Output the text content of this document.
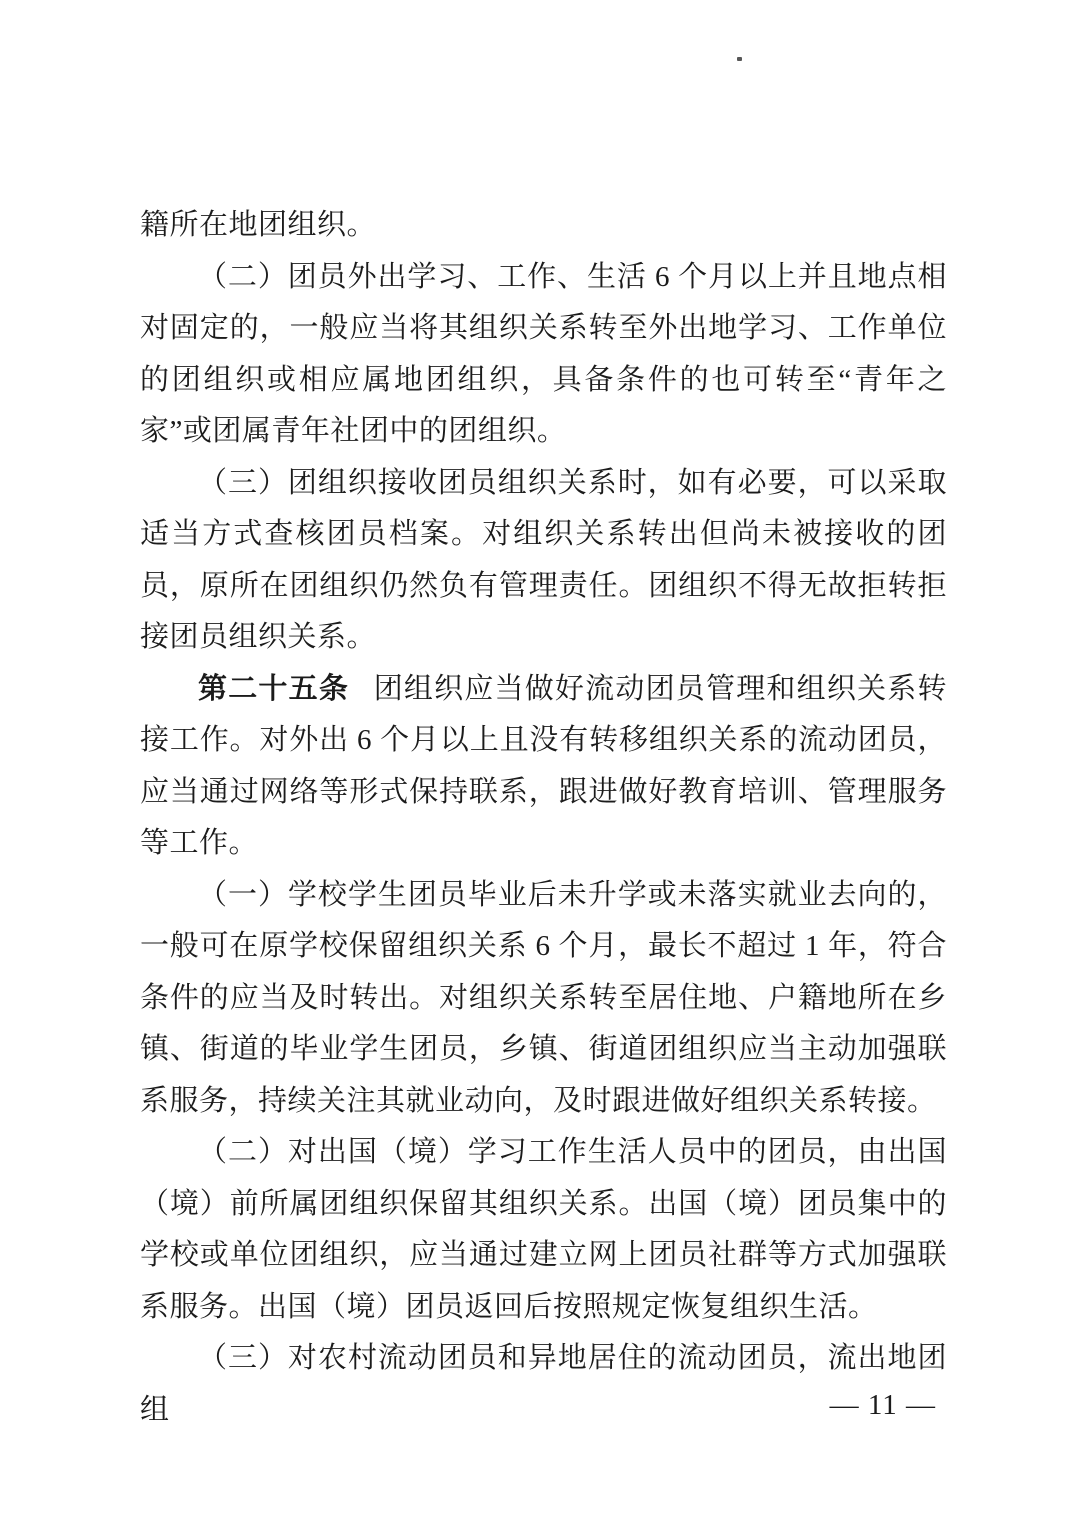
籍所在地团组织。

（二）团员外出学习、工作、生活 6 个月以上并且地点相对固定的，一般应当将其组织关系转至外出地学习、工作单位的团组织或相应属地团组织，具备条件的也可转至“青年之家”或团属青年社团中的团组织。

（三）团组织接收团员组织关系时，如有必要，可以采取适当方式查核团员档案。对组织关系转出但尚未被接收的团员，原所在团组织仍然负有管理责任。团组织不得无故拒转拒接团员组织关系。

第二十五条 团组织应当做好流动团员管理和组织关系转接工作。对外出 6 个月以上且没有转移组织关系的流动团员，应当通过网络等形式保持联系，跟进做好教育培训、管理服务等工作。

（一）学校学生团员毕业后未升学或未落实就业去向的，一般可在原学校保留组织关系 6 个月，最长不超过 1 年，符合条件的应当及时转出。对组织关系转至居住地、户籍地所在乡镇、街道的毕业学生团员，乡镇、街道团组织应当主动加强联系服务，持续关注其就业动向，及时跟进做好组织关系转接。

（二）对出国（境）学习工作生活人员中的团员，由出国（境）前所属团组织保留其组织关系。出国（境）团员集中的学校或单位团组织，应当通过建立网上团员社群等方式加强联系服务。出国（境）团员返回后按照规定恢复组织生活。

（三）对农村流动团员和异地居住的流动团员，流出地团组	— 11 —
